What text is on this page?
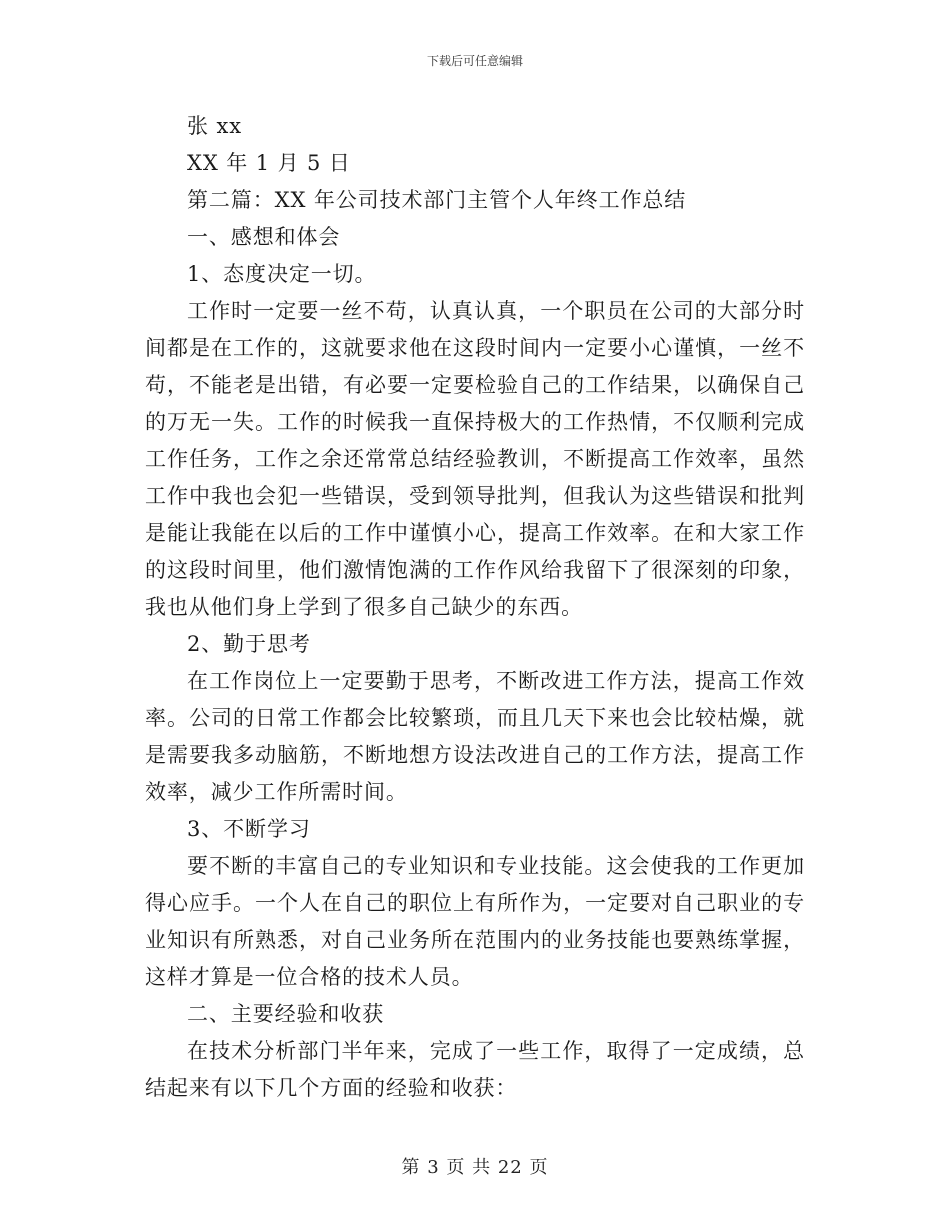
下载后可任意编辑
张 xx
XX 年 1 月 5 日
第二篇：XX 年公司技术部门主管个人年终工作总结
一、感想和体会
1、态度决定一切。
工作时一定要一丝不苟，认真认真，一个职员在公司的大部分时
间都是在工作的，这就要求他在这段时间内一定要小心谨慎，一丝不
苟，不能老是出错，有必要一定要检验自己的工作结果，以确保自己
的万无一失。工作的时候我一直保持极大的工作热情，不仅顺利完成
工作任务，工作之余还常常总结经验教训，不断提高工作效率，虽然
工作中我也会犯一些错误，受到领导批判，但我认为这些错误和批判
是能让我能在以后的工作中谨慎小心，提高工作效率。在和大家工作
的这段时间里，他们激情饱满的工作作风给我留下了很深刻的印象，
我也从他们身上学到了很多自己缺少的东西。
2、勤于思考
在工作岗位上一定要勤于思考，不断改进工作方法，提高工作效
率。公司的日常工作都会比较繁琐，而且几天下来也会比较枯燥，就
是需要我多动脑筋，不断地想方设法改进自己的工作方法，提高工作
效率，减少工作所需时间。
3、不断学习
要不断的丰富自己的专业知识和专业技能。这会使我的工作更加
得心应手。一个人在自己的职位上有所作为，一定要对自己职业的专
业知识有所熟悉，对自己业务所在范围内的业务技能也要熟练掌握，
这样才算是一位合格的技术人员。
二、主要经验和收获
在技术分析部门半年来，完成了一些工作，取得了一定成绩，总
结起来有以下几个方面的经验和收获：
第 3 页 共 22 页
